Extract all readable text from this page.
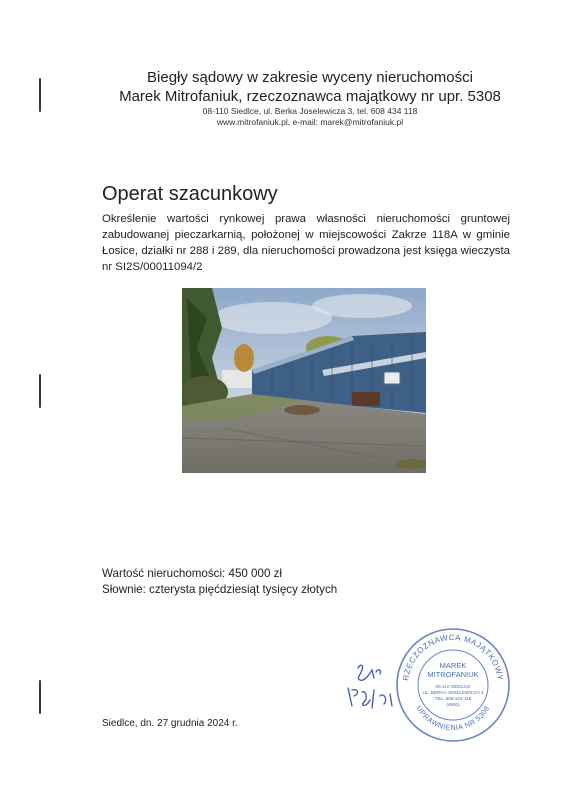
Biegły sądowy w zakresie wyceny nieruchomości
Marek Mitrofaniuk, rzeczoznawca majątkowy nr upr. 5308
08-110 Siedlce, ul. Berka Joselewicza 3, tel. 608 434 118
www.mitrofaniuk.pl, e-mail: marek@mitrofaniuk.pl
Operat szacunkowy
Określenie wartości rynkowej prawa własności nieruchomości gruntowej zabudowanej pieczarkarnią, położonej w miejscowości Zakrze 118A w gminie Łosice, działki nr 288 i 289, dla nieruchomości prowadzona jest księga wieczysta nr SI2S/00011094/2
Wartość nieruchomości: 450 000 zł
Słownie: czterysta pięćdziesiąt tysięcy złotych
RZECZOZNAWCA MAJĄTKOWY
UPRAWNIENIA NR 5308
MAREK
MITROFANIUK
08-110 SIEDLCE
UL. BERKA JOSELEWICZA 3
TEL. 608-434-118
(4800)
Siedlce, dn. 27 grudnia 2024 r.
